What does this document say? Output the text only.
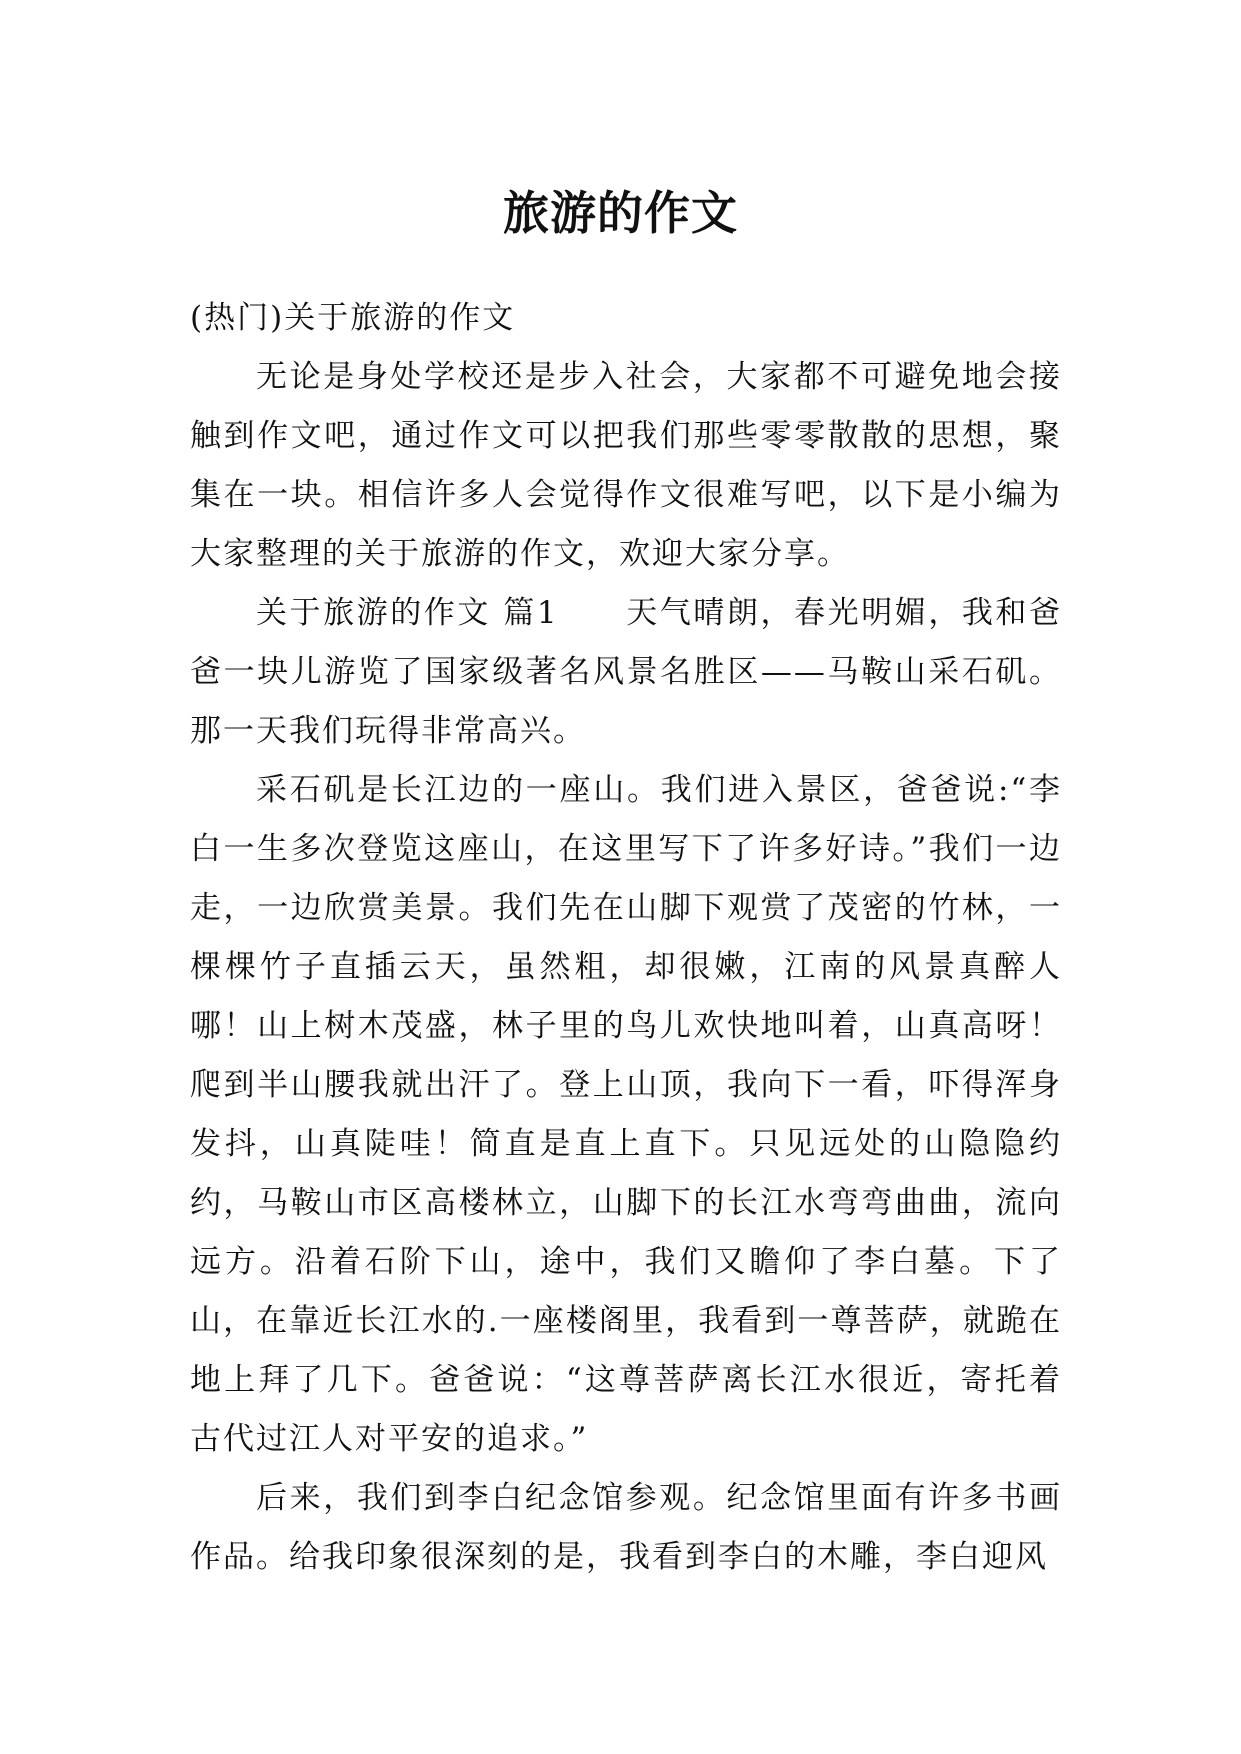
旅游的作文

(热门)关于旅游的作文

无论是身处学校还是步入社会，大家都不可避免地会接触到作文吧，通过作文可以把我们那些零零散散的思想，聚集在一块。相信许多人会觉得作文很难写吧，以下是小编为大家整理的关于旅游的作文，欢迎大家分享。

关于旅游的作文 篇1　　天气晴朗，春光明媚，我和爸爸一块儿游览了国家级著名风景名胜区——马鞍山采石矶。那一天我们玩得非常高兴。

采石矶是长江边的一座山。我们进入景区，爸爸说:“李白一生多次登览这座山，在这里写下了许多好诗。”我们一边走，一边欣赏美景。我们先在山脚下观赏了茂密的竹林，一棵棵竹子直插云天，虽然粗，却很嫩，江南的风景真醉人哪！山上树木茂盛，林子里的鸟儿欢快地叫着，山真高呀！爬到半山腰我就出汗了。登上山顶，我向下一看，吓得浑身发抖，山真陡哇！简直是直上直下。只见远处的山隐隐约约，马鞍山市区高楼林立，山脚下的长江水弯弯曲曲，流向远方。沿着石阶下山，途中，我们又瞻仰了李白墓。下了山，在靠近长江水的.一座楼阁里，我看到一尊菩萨，就跪在地上拜了几下。爸爸说：“这尊菩萨离长江水很近，寄托着古代过江人对平安的追求。”

后来，我们到李白纪念馆参观。纪念馆里面有许多书画作品。给我印象很深刻的是，我看到李白的木雕，李白迎风
